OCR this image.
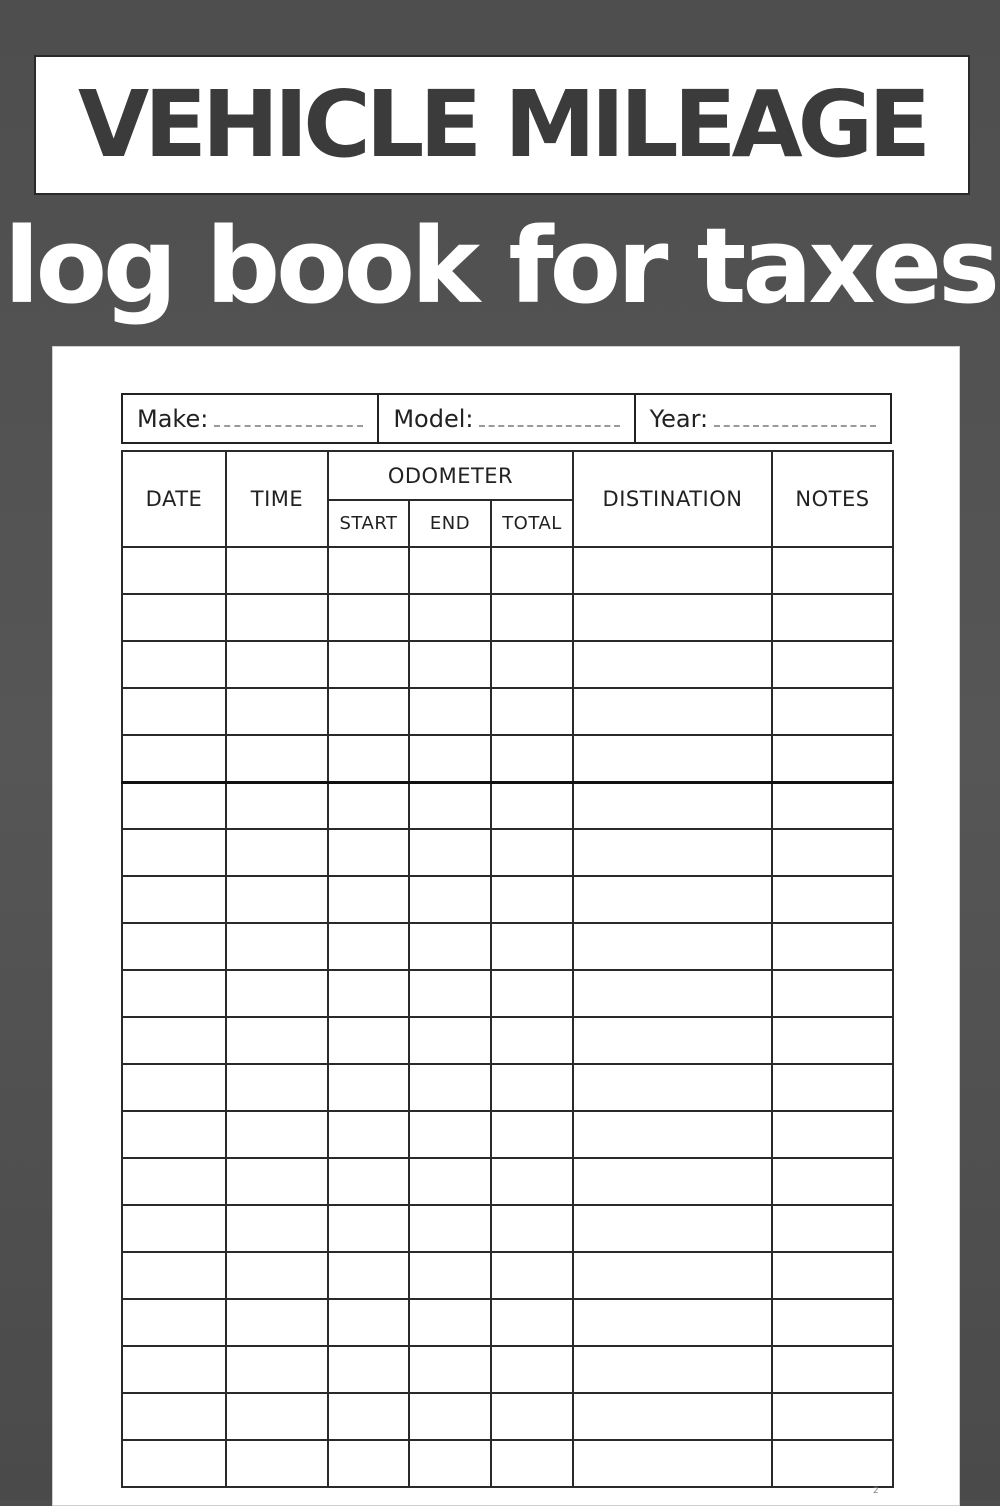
VEHICLE MILEAGE
log book for taxes
Make:	Model:	Year:
DATE	TIME	ODOMETER			DISTINATION	NOTES
		START	END	TOTAL		

2
